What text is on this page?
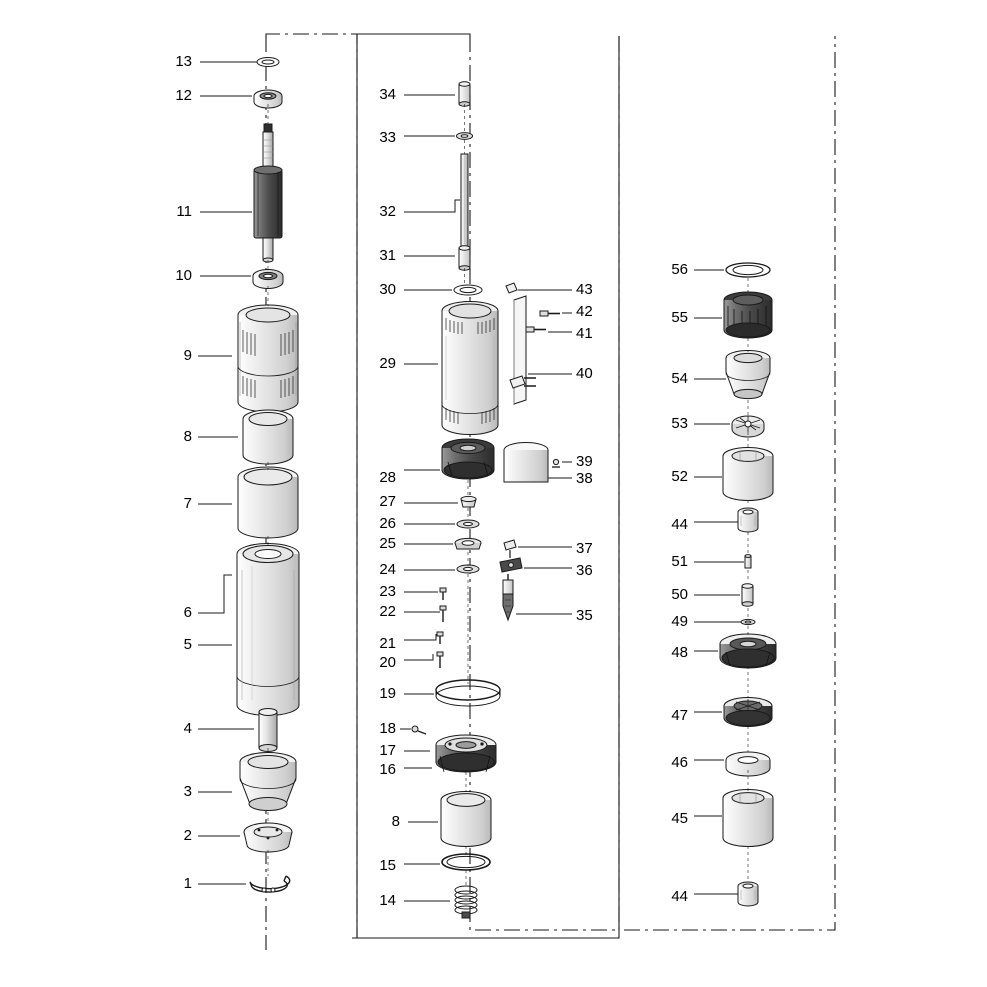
13
12
11
10
9
8
7
6
5
4
3
2
1
34
33
32
31
30
29
28
27
26
25
24
23
22
21
20
19
18
17
16
8
15
14
43
42
41
40
39
38
37
36
35
56
55
54
53
52
44
51
50
49
48
47
46
45
44
